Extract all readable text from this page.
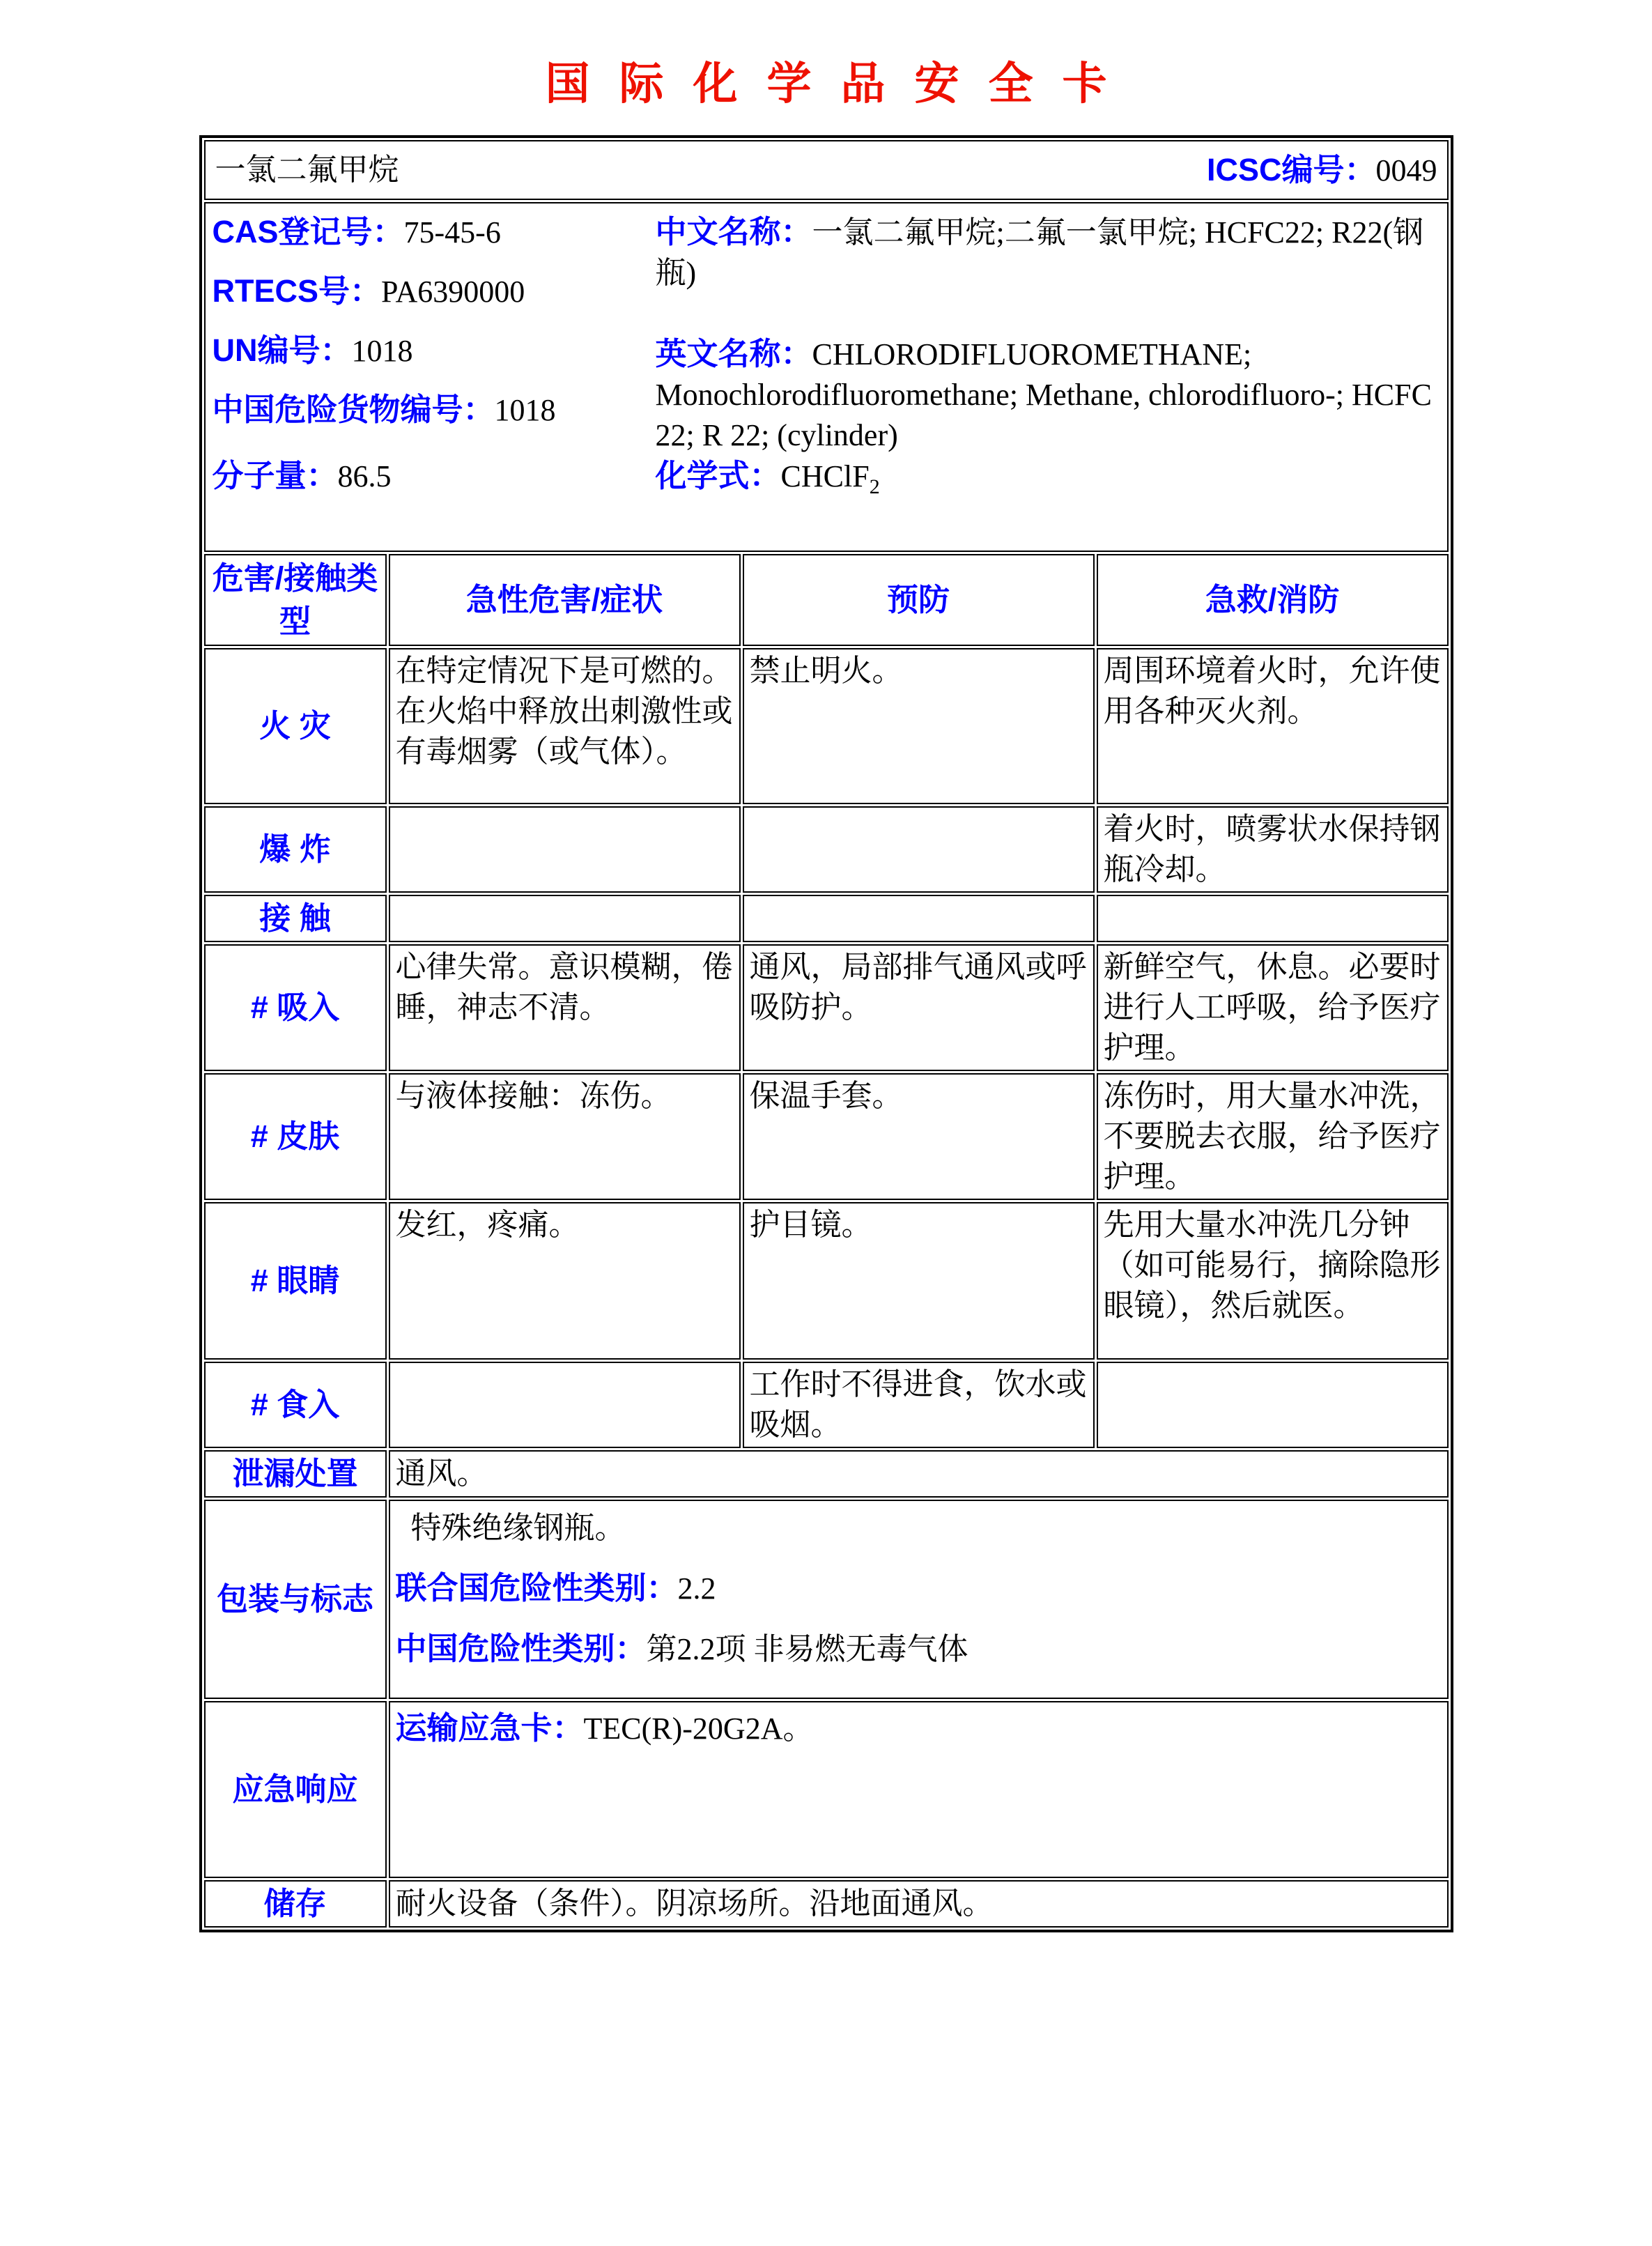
国际化学品安全卡
一氯二氟甲烷 ICSC编号：0049			

CAS登记号：75-45-6
RTECS号：PA6390000
UN编号：1018
中国危险货物编号：1018
分子量：86.5

中文名称：一氯二氟甲烷;二氟一氯甲烷; HCFC22; R22(钢瓶)

英文名称：CHLORODIFLUOROMETHANE; Monochlorodifluoromethane; Methane, chlorodifluoro-; HCFC 22; R 22; (cylinder)

化学式：CHClF$_2$

危害/接触类型	急性危害/症状	预防	急救/消防
火 灾	在特定情况下是可燃的。在火焰中释放出刺激性或有毒烟雾（或气体）。	禁止明火。	周围环境着火时，允许使用各种灭火剂。
爆 炸			着火时，喷雾状水保持钢瓶冷却。
接 触			
# 吸入	心律失常。意识模糊，倦睡，神志不清。	通风，局部排气通风或呼吸防护。	新鲜空气，休息。必要时进行人工呼吸，给予医疗护理。
# 皮肤	与液体接触：冻伤。	保温手套。	冻伤时，用大量水冲洗，不要脱去衣服，给予医疗护理。
# 眼睛	发红，疼痛。	护目镜。	先用大量水冲洗几分钟（如可能易行，摘除隐形眼镜），然后就医。
# 食入		工作时不得进食，饮水或吸烟。	
泄漏处置	通风。		
包装与标志	特殊绝缘钢瓶。
联合国危险性类别：2.2
中国危险性类别：第2.2项 非易燃无毒气体		

应急响应	运输应急卡：TEC(R)-20G2A。		

储存	耐火设备（条件）。阴凉场所。沿地面通风。		
